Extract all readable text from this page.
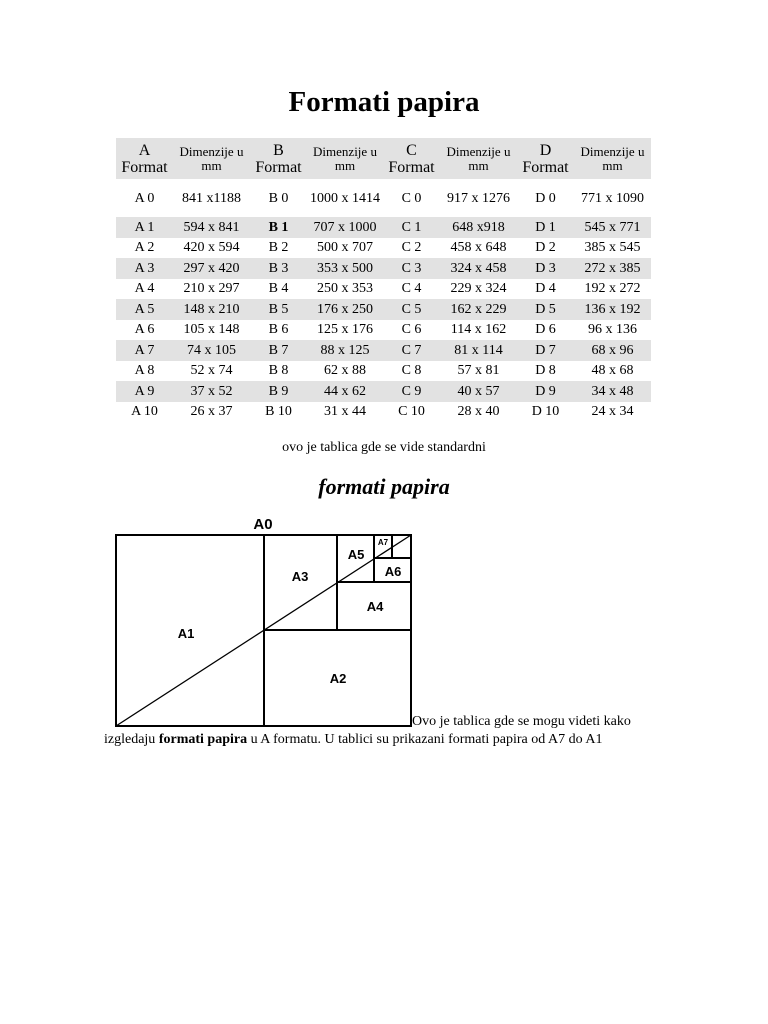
Formati papira
A Format	Dimenzije u mm	B Format	Dimenzije u mm	C Format	Dimenzije u mm	D Format	Dimenzije u mm
A 0	841 x1188	B 0	1000 x 1414	C 0	917 x 1276	D 0	771 x 1090
A 1	594 x 841	B 1	707 x 1000	C 1	648 x918	D 1	545 x 771
A 2	420 x 594	B 2	500 x 707	C 2	458 x 648	D 2	385 x 545
A 3	297 x 420	B 3	353 x 500	C 3	324 x 458	D 3	272 x 385
A 4	210 x 297	B 4	250 x 353	C 4	229 x 324	D 4	192 x 272
A 5	148 x 210	B 5	176 x 250	C 5	162 x 229	D 5	136 x 192
A 6	105 x 148	B 6	125 x 176	C 6	114 x 162	D 6	96 x 136
A 7	74 x 105	B 7	88 x 125	C 7	81 x 114	D 7	68 x 96
A 8	52 x 74	B 8	62 x 88	C 8	57 x 81	D 8	48 x 68
A 9	37 x 52	B 9	44 x 62	C 9	40 x 57	D 9	34 x 48
A 10	26 x 37	B 10	31 x 44	C 10	28 x 40	D 10	24 x 34
ovo je tablica gde se vide standardni
formati papira
A0
A1
A2
A3
A4
A5
A6
A7
Ovo je tablica gde se mogu videti kako
izgledaju formati papira u A formatu. U tablici su prikazani formati papira od A7 do A1
